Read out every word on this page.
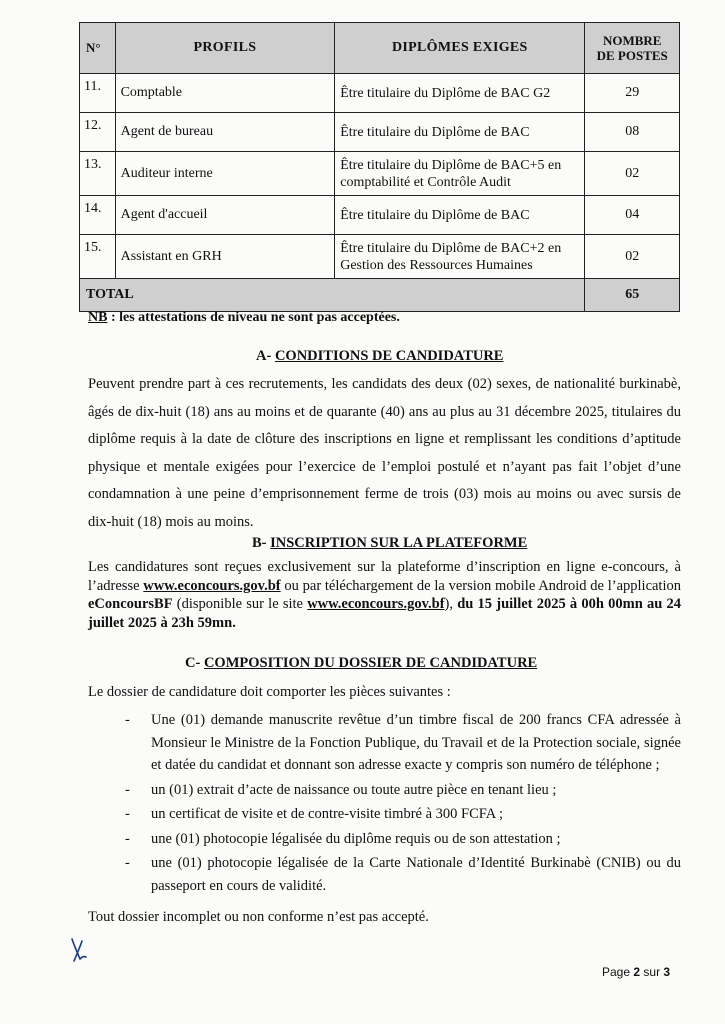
N°	PROFILS	DIPLÔMES EXIGES	NOMBRE
DE POSTES
11.	Comptable	Être titulaire du Diplôme de BAC G2	29
12.	Agent de bureau	Être titulaire du Diplôme de BAC	08
13.	Auditeur interne	Être titulaire du Diplôme de BAC+5 en comptabilité et Contrôle Audit	02
14.	Agent d'accueil	Être titulaire du Diplôme de BAC	04
15.	Assistant en GRH	Être titulaire du Diplôme de BAC+2 en Gestion des Ressources Humaines	02
TOTAL			65
NB : les attestations de niveau ne sont pas acceptées.
A- CONDITIONS DE CANDIDATURE
Peuvent prendre part à ces recrutements, les candidats des deux (02) sexes, de nationalité burkinabè, âgés de dix-huit (18) ans au moins et de quarante (40) ans au plus au 31 décembre 2025, titulaires du diplôme requis à la date de clôture des inscriptions en ligne et remplissant les conditions d’aptitude physique et mentale exigées pour l’exercice de l’emploi postulé et n’ayant pas fait l’objet d’une condamnation à une peine d’emprisonnement ferme de trois (03) mois au moins ou avec sursis de dix-huit (18) mois au moins.
B- INSCRIPTION SUR LA PLATEFORME
Les candidatures sont reçues exclusivement sur la plateforme d’inscription en ligne e-concours, à l’adresse www.econcours.gov.bf ou par téléchargement de la version mobile Android de l’application eConcoursBF (disponible sur le site www.econcours.gov.bf), du 15 juillet 2025 à 00h 00mn au 24 juillet 2025 à 23h 59mn.
C- COMPOSITION DU DOSSIER DE CANDIDATURE
Le dossier de candidature doit comporter les pièces suivantes :
- Une (01) demande manuscrite revêtue d’un timbre fiscal de 200 francs CFA adressée à Monsieur le Ministre de la Fonction Publique, du Travail et de la Protection sociale, signée et datée du candidat et donnant son adresse exacte y compris son numéro de téléphone ;
- un (01) extrait d’acte de naissance ou toute autre pièce en tenant lieu ;
- un certificat de visite et de contre-visite timbré à 300 FCFA ;
- une (01) photocopie légalisée du diplôme requis ou de son attestation ;
- une (01) photocopie légalisée de la Carte Nationale d’Identité Burkinabè (CNIB) ou du passeport en cours de validité.
Tout dossier incomplet ou non conforme n’est pas accepté.
Page 2 sur 3
